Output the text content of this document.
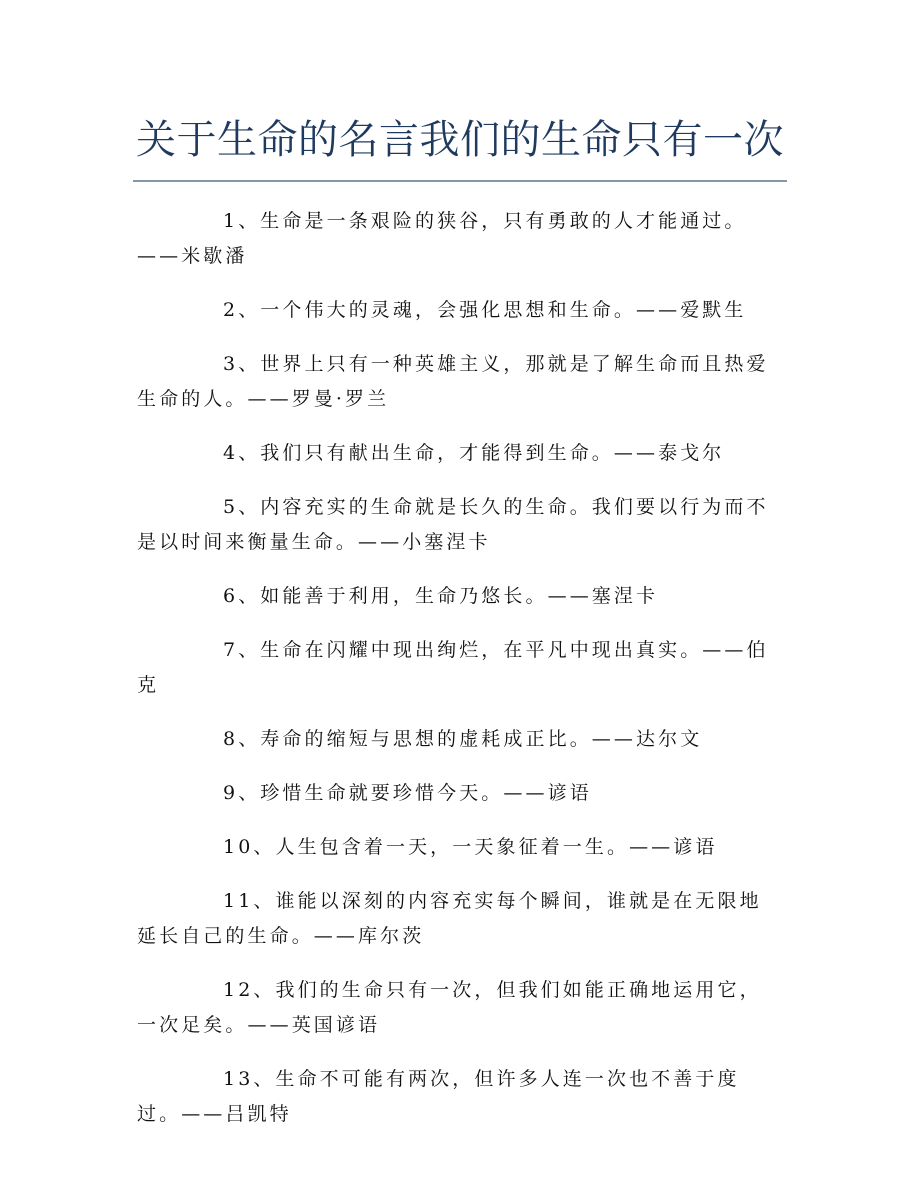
关于生命的名言我们的生命只有一次

1、生命是一条艰险的狭谷，只有勇敢的人才能通过。——米歇潘

2、一个伟大的灵魂，会强化思想和生命。——爱默生

3、世界上只有一种英雄主义，那就是了解生命而且热爱生命的人。——罗曼·罗兰

4、我们只有献出生命，才能得到生命。——泰戈尔

5、内容充实的生命就是长久的生命。我们要以行为而不是以时间来衡量生命。——小塞涅卡

6、如能善于利用，生命乃悠长。——塞涅卡

7、生命在闪耀中现出绚烂，在平凡中现出真实。——伯克

8、寿命的缩短与思想的虚耗成正比。——达尔文

9、珍惜生命就要珍惜今天。——谚语

10、人生包含着一天，一天象征着一生。——谚语

11、谁能以深刻的内容充实每个瞬间，谁就是在无限地延长自己的生命。——库尔茨

12、我们的生命只有一次，但我们如能正确地运用它，一次足矣。——英国谚语

13、生命不可能有两次，但许多人连一次也不善于度过。——吕凯特
